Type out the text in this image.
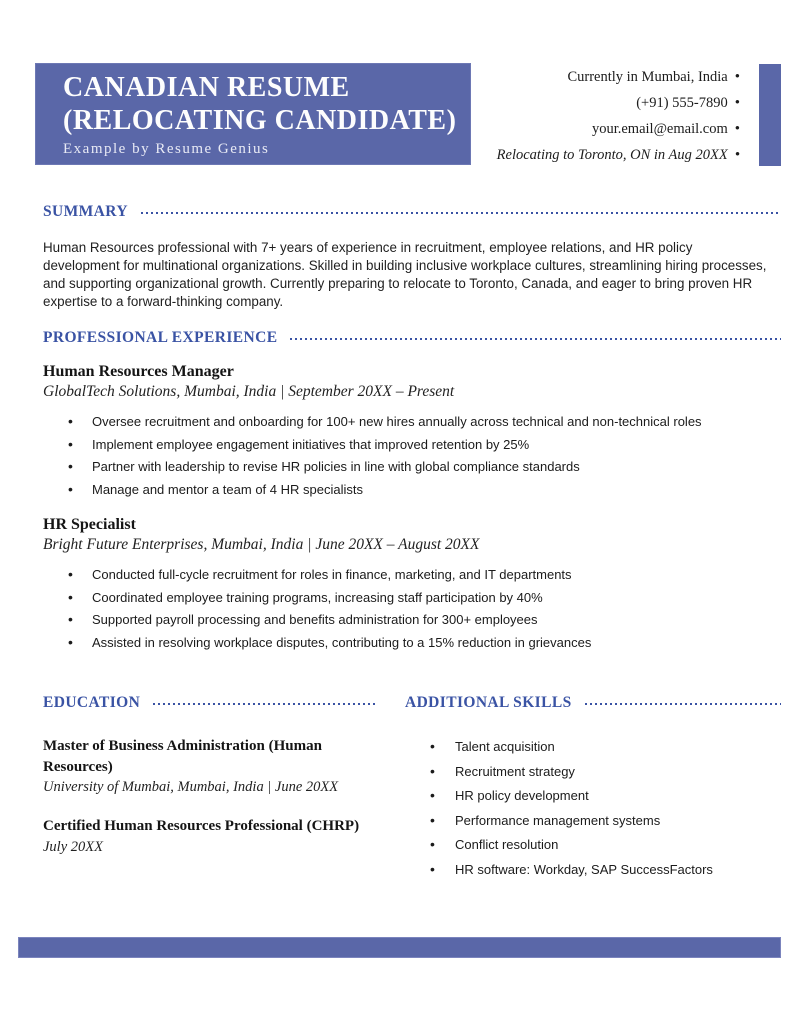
CANADIAN RESUME
(RELOCATING CANDIDATE)
Example by Resume Genius
Currently in Mumbai, India •
(+91) 555-7890 •
your.email@email.com •
Relocating to Toronto, ON in Aug 20XX •
SUMMARY
Human Resources professional with 7+ years of experience in recruitment, employee relations, and HR policy development for multinational organizations. Skilled in building inclusive workplace cultures, streamlining hiring processes, and supporting organizational growth. Currently preparing to relocate to Toronto, Canada, and eager to bring proven HR expertise to a forward-thinking company.
PROFESSIONAL EXPERIENCE
Human Resources Manager
GlobalTech Solutions, Mumbai, India | September 20XX – Present
• Oversee recruitment and onboarding for 100+ new hires annually across technical and non-technical roles
• Implement employee engagement initiatives that improved retention by 25%
• Partner with leadership to revise HR policies in line with global compliance standards
• Manage and mentor a team of 4 HR specialists
HR Specialist
Bright Future Enterprises, Mumbai, India | June 20XX – August 20XX
• Conducted full-cycle recruitment for roles in finance, marketing, and IT departments
• Coordinated employee training programs, increasing staff participation by 40%
• Supported payroll processing and benefits administration for 300+ employees
• Assisted in resolving workplace disputes, contributing to a 15% reduction in grievances
EDUCATION
Master of Business Administration (Human Resources)
University of Mumbai, Mumbai, India | June 20XX
Certified Human Resources Professional (CHRP)
July 20XX
ADDITIONAL SKILLS
• Talent acquisition
• Recruitment strategy
• HR policy development
• Performance management systems
• Conflict resolution
• HR software: Workday, SAP SuccessFactors
